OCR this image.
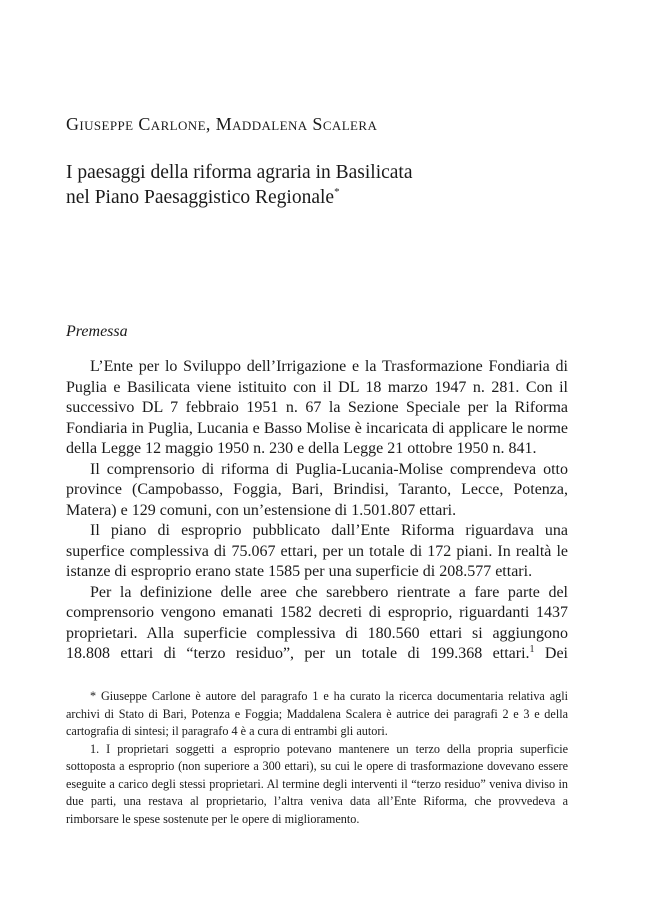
Giuseppe Carlone, Maddalena Scalera
I paesaggi della riforma agraria in Basilicata
nel Piano Paesaggistico Regionale*
Premessa

L’Ente per lo Sviluppo dell’Irrigazione e la Trasformazione Fondiaria di Puglia e Basilicata viene istituito con il DL 18 marzo 1947 n. 281. Con il successivo DL 7 febbraio 1951 n. 67 la Sezione Speciale per la Riforma Fondiaria in Puglia, Lucania e Basso Molise è incaricata di applicare le norme della Legge 12 maggio 1950 n. 230 e della Legge 21 ottobre 1950 n. 841.

Il comprensorio di riforma di Puglia-Lucania-Molise comprendeva otto province (Campobasso, Foggia, Bari, Brindisi, Taranto, Lecce, Potenza, Matera) e 129 comuni, con un’estensione di 1.501.807 ettari.

Il piano di esproprio pubblicato dall’Ente Riforma riguardava una superfice complessiva di 75.067 ettari, per un totale di 172 piani. In realtà le istanze di esproprio erano state 1585 per una superficie di 208.577 ettari.

Per la definizione delle aree che sarebbero rientrate a fare parte del comprensorio vengono emanati 1582 decreti di esproprio, riguardanti 1437 proprietari. Alla superficie complessiva di 180.560 ettari si aggiungono 18.808 ettari di “terzo residuo”, per un totale di 199.368 ettari.$^1$ Dei

* Giuseppe Carlone è autore del paragrafo 1 e ha curato la ricerca documentaria relativa agli archivi di Stato di Bari, Potenza e Foggia; Maddalena Scalera è autrice dei paragrafi 2 e 3 e della cartografia di sintesi; il paragrafo 4 è a cura di entrambi gli autori.

1. I proprietari soggetti a esproprio potevano mantenere un terzo della propria superficie sottoposta a esproprio (non superiore a 300 ettari), su cui le opere di trasformazione dovevano essere eseguite a carico degli stessi proprietari. Al termine degli interventi il “terzo residuo” veniva diviso in due parti, una restava al proprietario, l’altra veniva data all’Ente Riforma, che provvedeva a rimborsare le spese sostenute per le opere di miglioramento.
